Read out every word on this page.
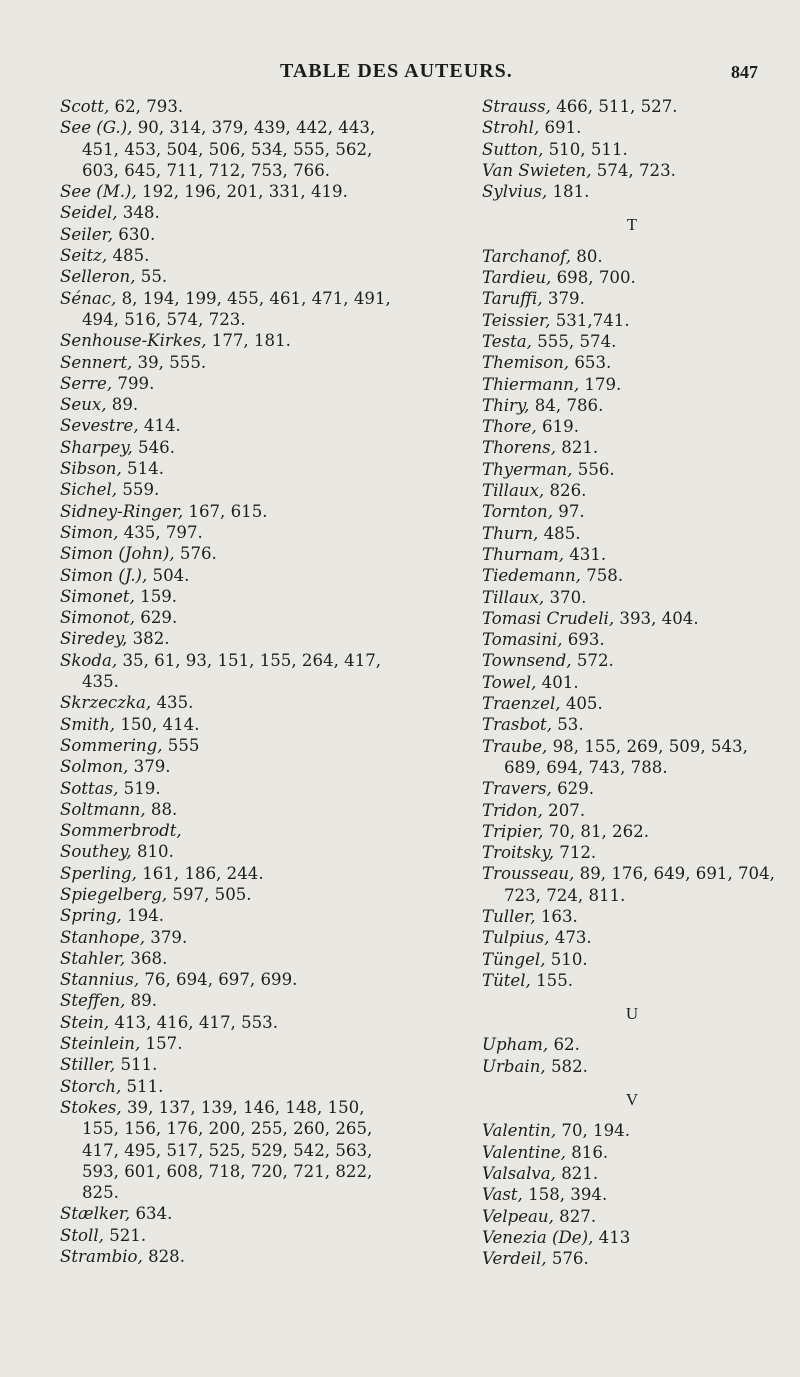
TABLE DES AUTEURS.	847

Scott, 62, 793.

See (G.), 90, 314, 379, 439, 442, 443, 451, 453, 504, 506, 534, 555, 562, 603, 645, 711, 712, 753, 766.

See (M.), 192, 196, 201, 331, 419.

Seidel, 348.

Seiler, 630.

Seitz, 485.

Selleron, 55.

Sénac, 8, 194, 199, 455, 461, 471, 491, 494, 516, 574, 723.

Senhouse-Kirkes, 177, 181.

Sennert, 39, 555.

Serre, 799.

Seux, 89.

Sevestre, 414.

Sharpey, 546.

Sibson, 514.

Sichel, 559.

Sidney-Ringer, 167, 615.

Simon, 435, 797.

Simon (John), 576.

Simon (J.), 504.

Simonet, 159.

Simonot, 629.

Siredey, 382.

Skoda, 35, 61, 93, 151, 155, 264, 417, 435.

Skrzeczka, 435.

Smith, 150, 414.

Sommering, 555

Solmon, 379.

Sottas, 519.

Soltmann, 88.

Sommerbrodt,

Southey, 810.

Sperling, 161, 186, 244.

Spiegelberg, 597, 505.

Spring, 194.

Stanhope, 379.

Stahler, 368.

Stannius, 76, 694, 697, 699.

Steffen, 89.

Stein, 413, 416, 417, 553.

Steinlein, 157.

Stiller, 511.

Storch, 511.

Stokes, 39, 137, 139, 146, 148, 150, 155, 156, 176, 200, 255, 260, 265, 417, 495, 517, 525, 529, 542, 563, 593, 601, 608, 718, 720, 721, 822, 825.

Stælker, 634.

Stoll, 521.

Strambio, 828.

Strauss, 466, 511, 527.

Strohl, 691.

Sutton, 510, 511.

Van Swieten, 574, 723.

Sylvius, 181.

T

Tarchanof, 80.

Tardieu, 698, 700.

Taruffi, 379.

Teissier, 531,741.

Testa, 555, 574.

Themison, 653.

Thiermann, 179.

Thiry, 84, 786.

Thore, 619.

Thorens, 821.

Thyerman, 556.

Tillaux, 826.

Tornton, 97.

Thurn, 485.

Thurnam, 431.

Tiedemann, 758.

Tillaux, 370.

Tomasi Crudeli, 393, 404.

Tomasini, 693.

Townsend, 572.

Towel, 401.

Traenzel, 405.

Trasbot, 53.

Traube, 98, 155, 269, 509, 543, 689, 694, 743, 788.

Travers, 629.

Tridon, 207.

Tripier, 70, 81, 262.

Troitsky, 712.

Trousseau, 89, 176, 649, 691, 704, 723, 724, 811.

Tuller, 163.

Tulpius, 473.

Tüngel, 510.

Tütel, 155.

U

Upham, 62.

Urbain, 582.

V

Valentin, 70, 194.

Valentine, 816.

Valsalva, 821.

Vast, 158, 394.

Velpeau, 827.

Venezia (De), 413

Verdeil, 576.
